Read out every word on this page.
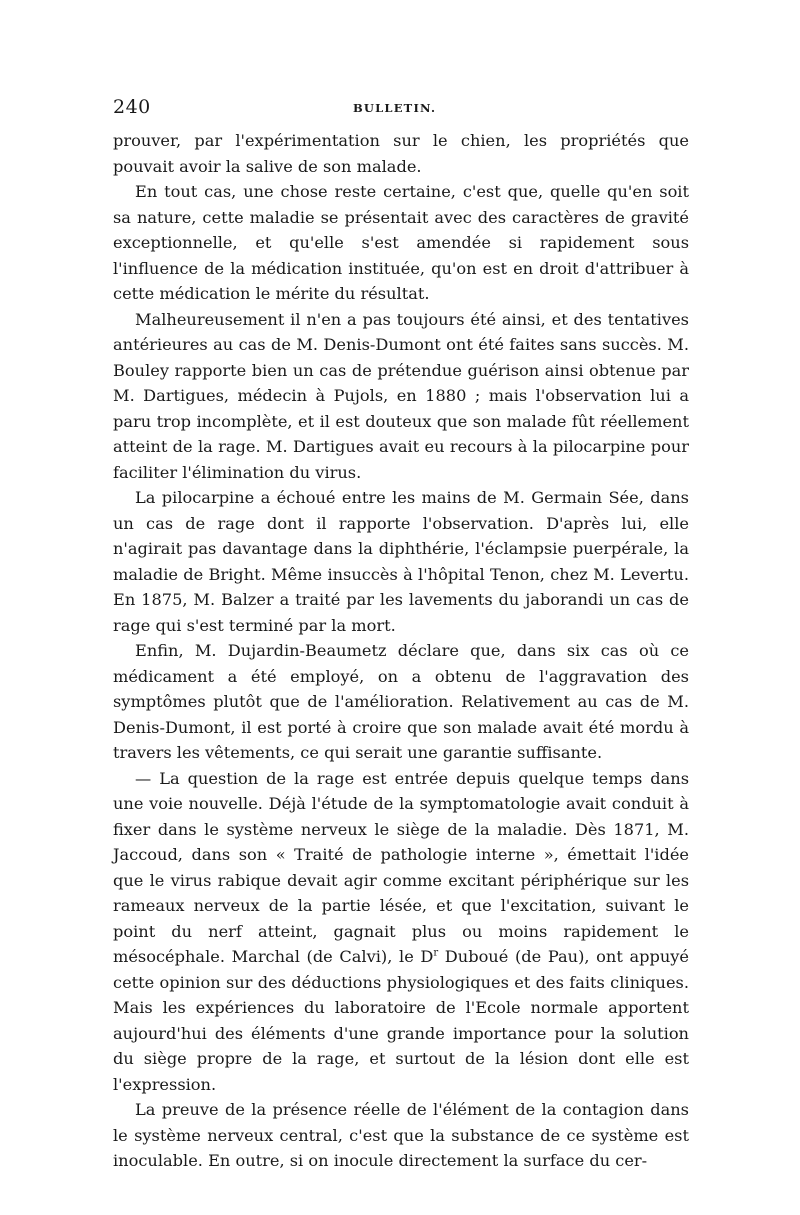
240	BULLETIN.

prouver, par l'expérimentation sur le chien, les propriétés que pouvait avoir la salive de son malade.

En tout cas, une chose reste certaine, c'est que, quelle qu'en soit sa nature, cette maladie se présentait avec des caractères de gravité exceptionnelle, et qu'elle s'est amendée si rapidement sous l'influence de la médication instituée, qu'on est en droit d'attribuer à cette médication le mérite du résultat.

Malheureusement il n'en a pas toujours été ainsi, et des tentatives antérieures au cas de M. Denis-Dumont ont été faites sans succès. M. Bouley rapporte bien un cas de prétendue guérison ainsi obtenue par M. Dartigues, médecin à Pujols, en 1880 ; mais l'observation lui a paru trop incomplète, et il est douteux que son malade fût réellement atteint de la rage. M. Dartigues avait eu recours à la pilocarpine pour faciliter l'élimination du virus.

La pilocarpine a échoué entre les mains de M. Germain Sée, dans un cas de rage dont il rapporte l'observation. D'après lui, elle n'agirait pas davantage dans la diphthérie, l'éclampsie puerpérale, la maladie de Bright. Même insuccès à l'hôpital Tenon, chez M. Levertu. En 1875, M. Balzer a traité par les lavements du jaborandi un cas de rage qui s'est terminé par la mort.

Enfin, M. Dujardin-Beaumetz déclare que, dans six cas où ce médicament a été employé, on a obtenu de l'aggravation des symptômes plutôt que de l'amélioration. Relativement au cas de M. Denis-Dumont, il est porté à croire que son malade avait été mordu à travers les vêtements, ce qui serait une garantie suffisante.

— La question de la rage est entrée depuis quelque temps dans une voie nouvelle. Déjà l'étude de la symptomatologie avait conduit à fixer dans le système nerveux le siège de la maladie. Dès 1871, M. Jaccoud, dans son « Traité de pathologie interne », émettait l'idée que le virus rabique devait agir comme excitant périphérique sur les rameaux nerveux de la partie lésée, et que l'excitation, suivant le point du nerf atteint, gagnait plus ou moins rapidement le mésocéphale. Marchal (de Calvi), le $D^r$ Duboué (de Pau), ont appuyé cette opinion sur des déductions physiologiques et des faits cliniques. Mais les expériences du laboratoire de l'Ecole normale apportent aujourd'hui des éléments d'une grande importance pour la solution du siège propre de la rage, et surtout de la lésion dont elle est l'expression.

La preuve de la présence réelle de l'élément de la contagion dans le système nerveux central, c'est que la substance de ce système est inoculable. En outre, si on inocule directement la surface du cer-
